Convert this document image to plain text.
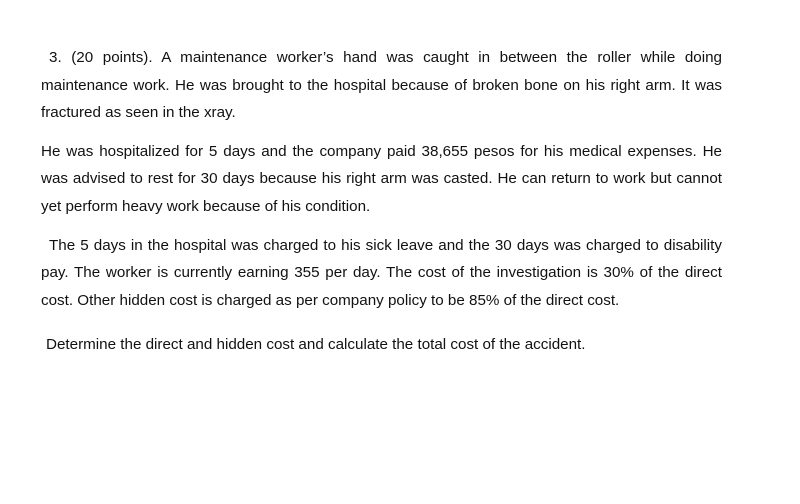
3. (20 points). A maintenance worker’s hand was caught in between the roller while doing maintenance work. He was brought to the hospital because of broken bone on his right arm. It was fractured as seen in the xray.

He was hospitalized for 5 days and the company paid 38,655 pesos for his medical expenses. He was advised to rest for 30 days because his right arm was casted. He can return to work but cannot yet perform heavy work because of his condition.

The 5 days in the hospital was charged to his sick leave and the 30 days was charged to disability pay. The worker is currently earning 355 per day. The cost of the investigation is 30% of the direct cost. Other hidden cost is charged as per company policy to be 85% of the direct cost.

Determine the direct and hidden cost and calculate the total cost of the accident.
